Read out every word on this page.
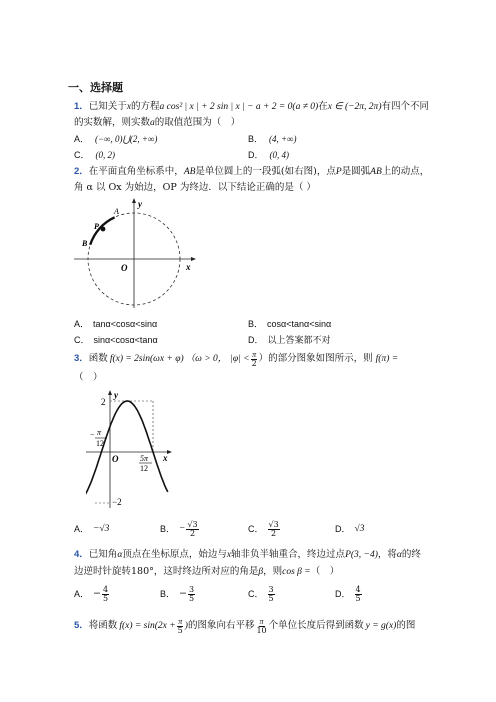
一、选择题
1．已知关于x的方程a cos² | x | + 2 sin | x | − a + 2 = 0(a ≠ 0)在x ∈ (−2π, 2π)有四个不同
的实数解，则实数a的取值范围为（　）
A． (−∞, 0)⋃(2, +∞)	B． (4, +∞)
C． (0, 2)	D． (0, 4)
2．在平面直角坐标系中，AB是单位圆上的一段弧(如右图)，点P是圆弧AB上的动点，
角 α 以 Ox 为始边，OP 为终边．以下结论正确的是（ ）
x
y
O
A
P
B
A． tanα<cosα<sinα	B． cosα<tanα<sinα
C． sinα<cosα<tanα	D． 以上答案都不对
3． 函数 f(x) = 2sin(ωx + φ) （ω > 0， $|\varphi| < \frac{\pi}{2}$ ）的部分图象如图所示，则 f(π) =
（　）
2
y
x
O
−2
− π
12
5π
12
A． −√3	B． − $\frac{√3}{2}$	C． $\frac{√3}{2}$	D． √3
4．已知角α顶点在坐标原点，始边与x轴非负半轴重合，终边过点P(3, −4)，将α的终
边逆时针旋转180°，这时终边所对应的角是β，则cos β =（　）
A． − $\frac{4}{5}$	B． − $\frac{3}{5}$	C． $\frac{3}{5}$	D． $\frac{4}{5}$
5． 将函数 $f(x) = \sin(2x + \frac{\pi}{5}$ ) 的图象向右平移 $\frac{\pi}{10}$ 个单位长度后得到函数 y = g(x) 的图
